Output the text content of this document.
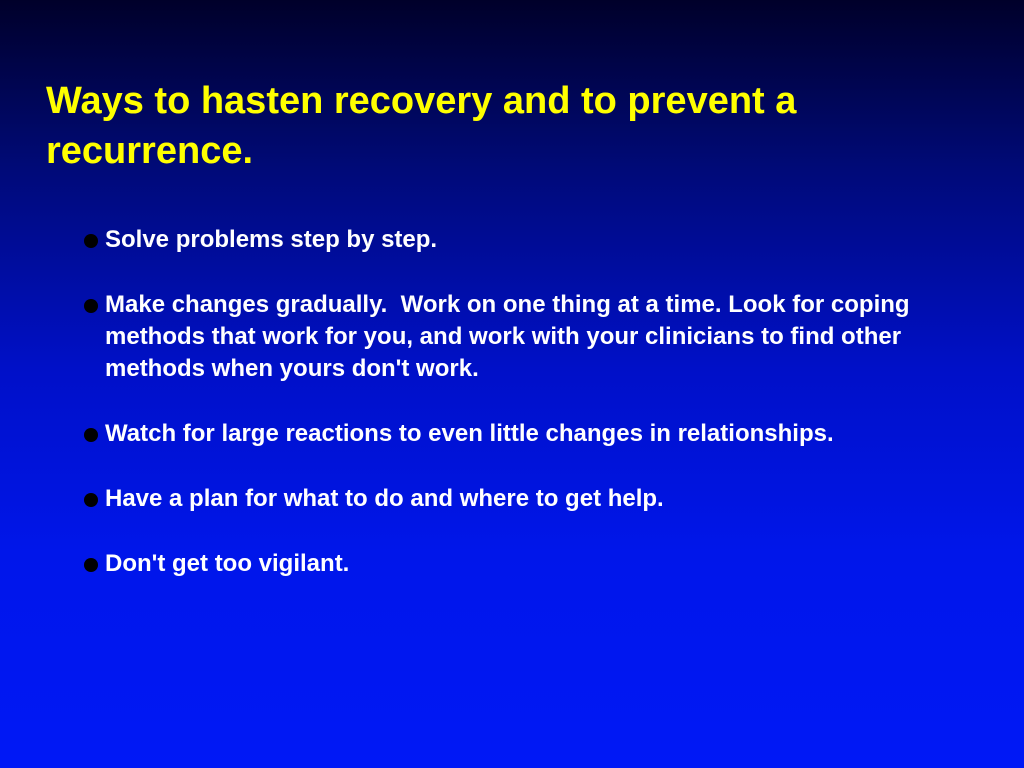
Ways to hasten recovery and to prevent a recurrence.
Solve problems step by step.
Make changes gradually.  Work on one thing at a time. Look for coping methods that work for you, and work with your clinicians to find other methods when yours don't work.
Watch for large reactions to even little changes in relationships.
Have a plan for what to do and where to get help.
Don't get too vigilant.
